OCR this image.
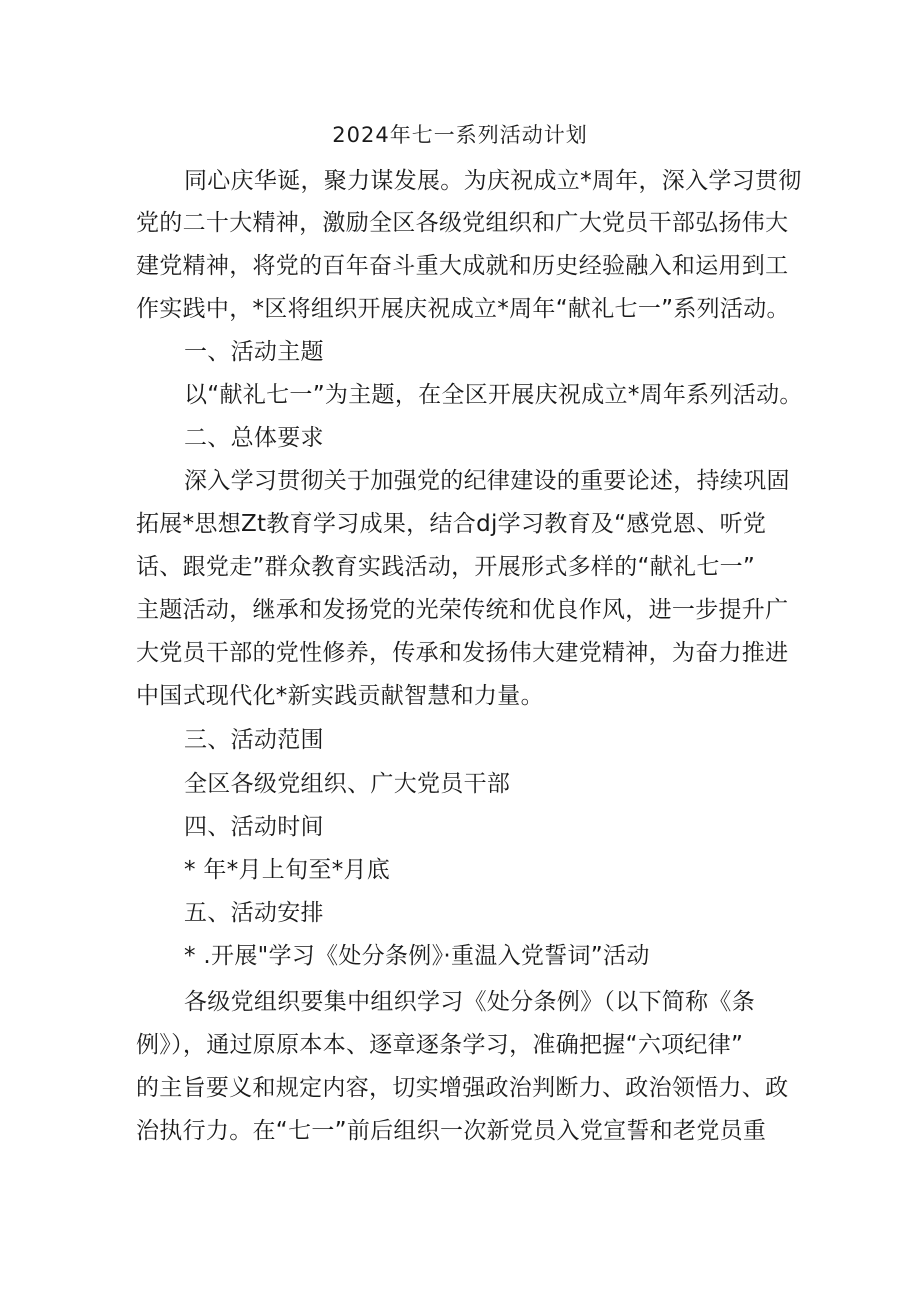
2024年七一系列活动计划
同心庆华诞，聚力谋发展。为庆祝成立*周年，深入学习贯彻
党的二十大精神，激励全区各级党组织和广大党员干部弘扬伟大
建党精神，将党的百年奋斗重大成就和历史经验融入和运用到工
作实践中，*区将组织开展庆祝成立*周年“献礼七一”系列活动。
一、活动主题
以“献礼七一”为主题，在全区开展庆祝成立*周年系列活动。
二、总体要求
深入学习贯彻关于加强党的纪律建设的重要论述，持续巩固
拓展*思想Zt教育学习成果，结合dj学习教育及“感党恩、听党
话、跟党走”群众教育实践活动，开展形式多样的“献礼七一”
主题活动，继承和发扬党的光荣传统和优良作风，进一步提升广
大党员干部的党性修养，传承和发扬伟大建党精神，为奋力推进
中国式现代化*新实践贡献智慧和力量。
三、活动范围
全区各级党组织、广大党员干部
四、活动时间
* 年*月上旬至*月底
五、活动安排
* .开展"学习《处分条例》·重温入党誓词”活动
各级党组织要集中组织学习《处分条例》（以下简称《条
例》），通过原原本本、逐章逐条学习，准确把握“六项纪律”
的主旨要义和规定内容，切实增强政治判断力、政治领悟力、政
治执行力。在“七一”前后组织一次新党员入党宣誓和老党员重
